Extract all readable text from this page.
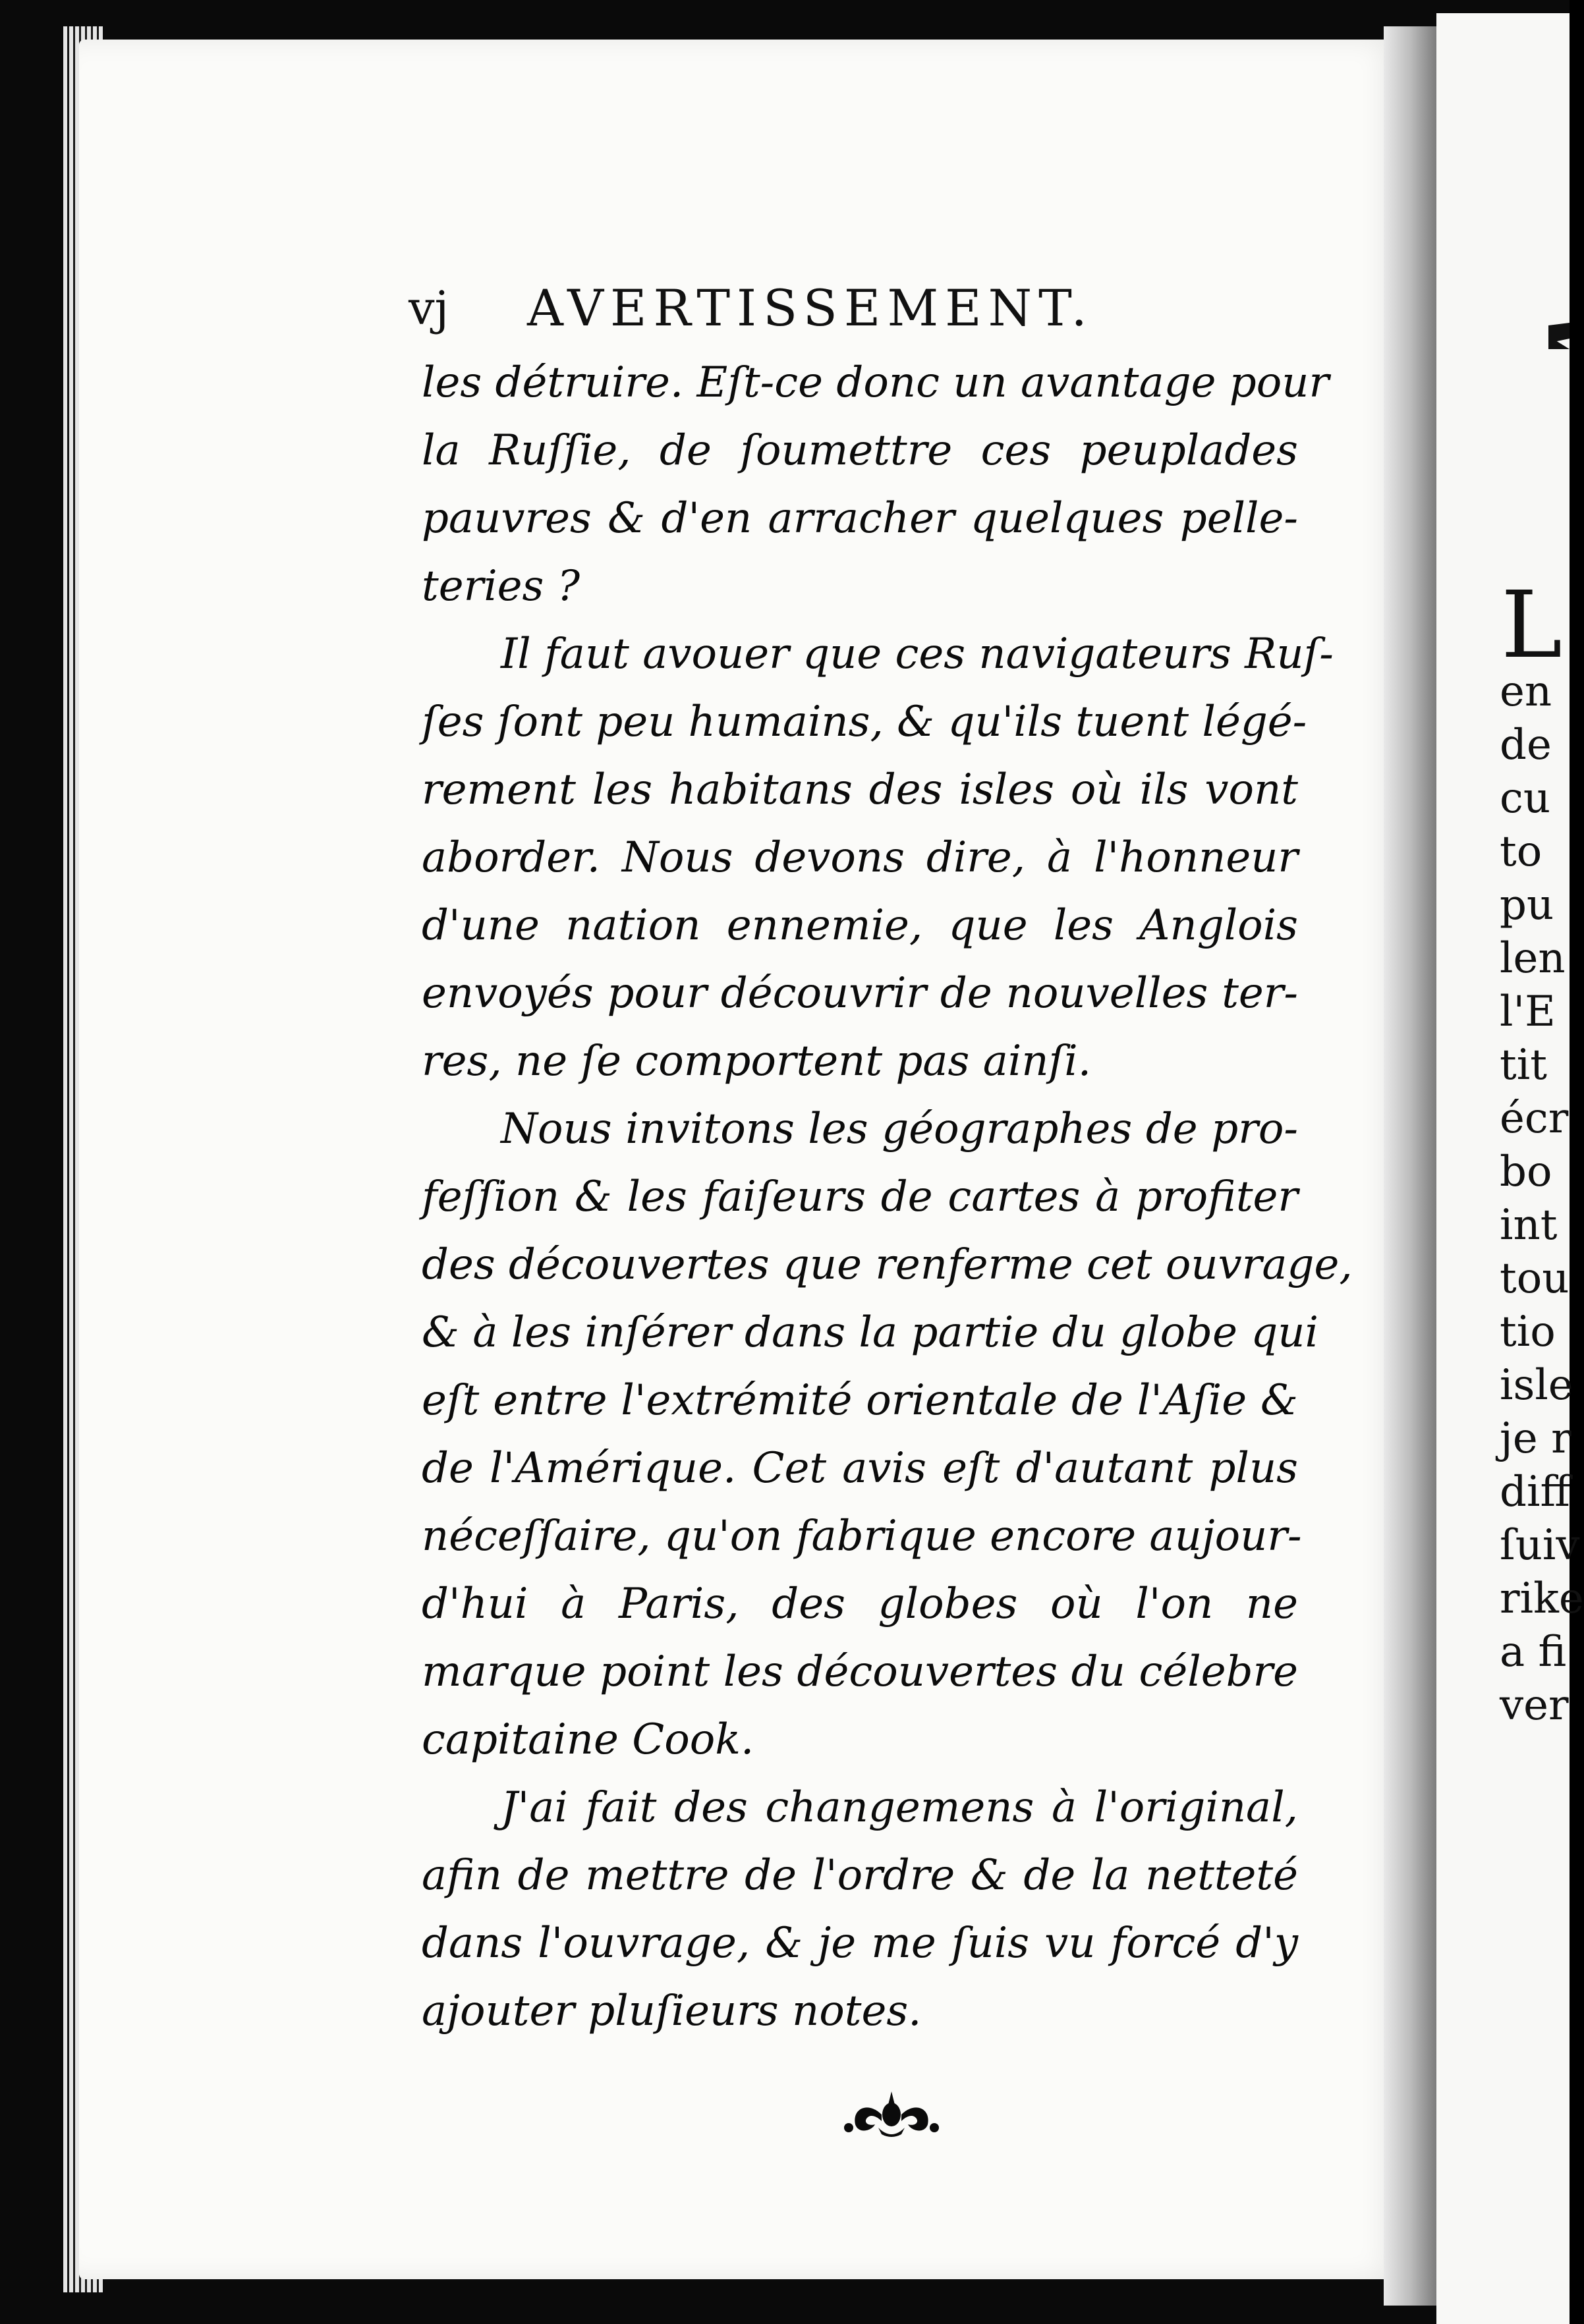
L
en
de
cu
to
pu
len
l'E
tit
écr
bo
int
tou
tio
isle
je r
diff
ſuiv
rike
a fi
ver
vj AVERTISSEMENT.
les détruire. Eſt-ce donc un avantage pour
la Ruſſie, de ſoumettre ces peuplades
pauvres & d'en arracher quelques pelle-
teries ?
Il faut avouer que ces navigateurs Ruſ-
ſes ſont peu humains, & qu'ils tuent légé-
rement les habitans des isles où ils vont
aborder. Nous devons dire, à l'honneur
d'une nation ennemie, que les Anglois
envoyés pour découvrir de nouvelles ter-
res, ne ſe comportent pas ainſi.
Nous invitons les géographes de pro-
feſſion & les faiſeurs de cartes à profiter
des découvertes que renferme cet ouvrage,
& à les inſérer dans la partie du globe qui
eſt entre l'extrémité orientale de l'Aſie &
de l'Amérique. Cet avis eſt d'autant plus
néceſſaire, qu'on fabrique encore aujour-
d'hui à Paris, des globes où l'on ne
marque point les découvertes du célebre
capitaine Cook.
J'ai fait des changemens à l'original,
afin de mettre de l'ordre & de la netteté
dans l'ouvrage, & je me ſuis vu forcé d'y
ajouter pluſieurs notes.
